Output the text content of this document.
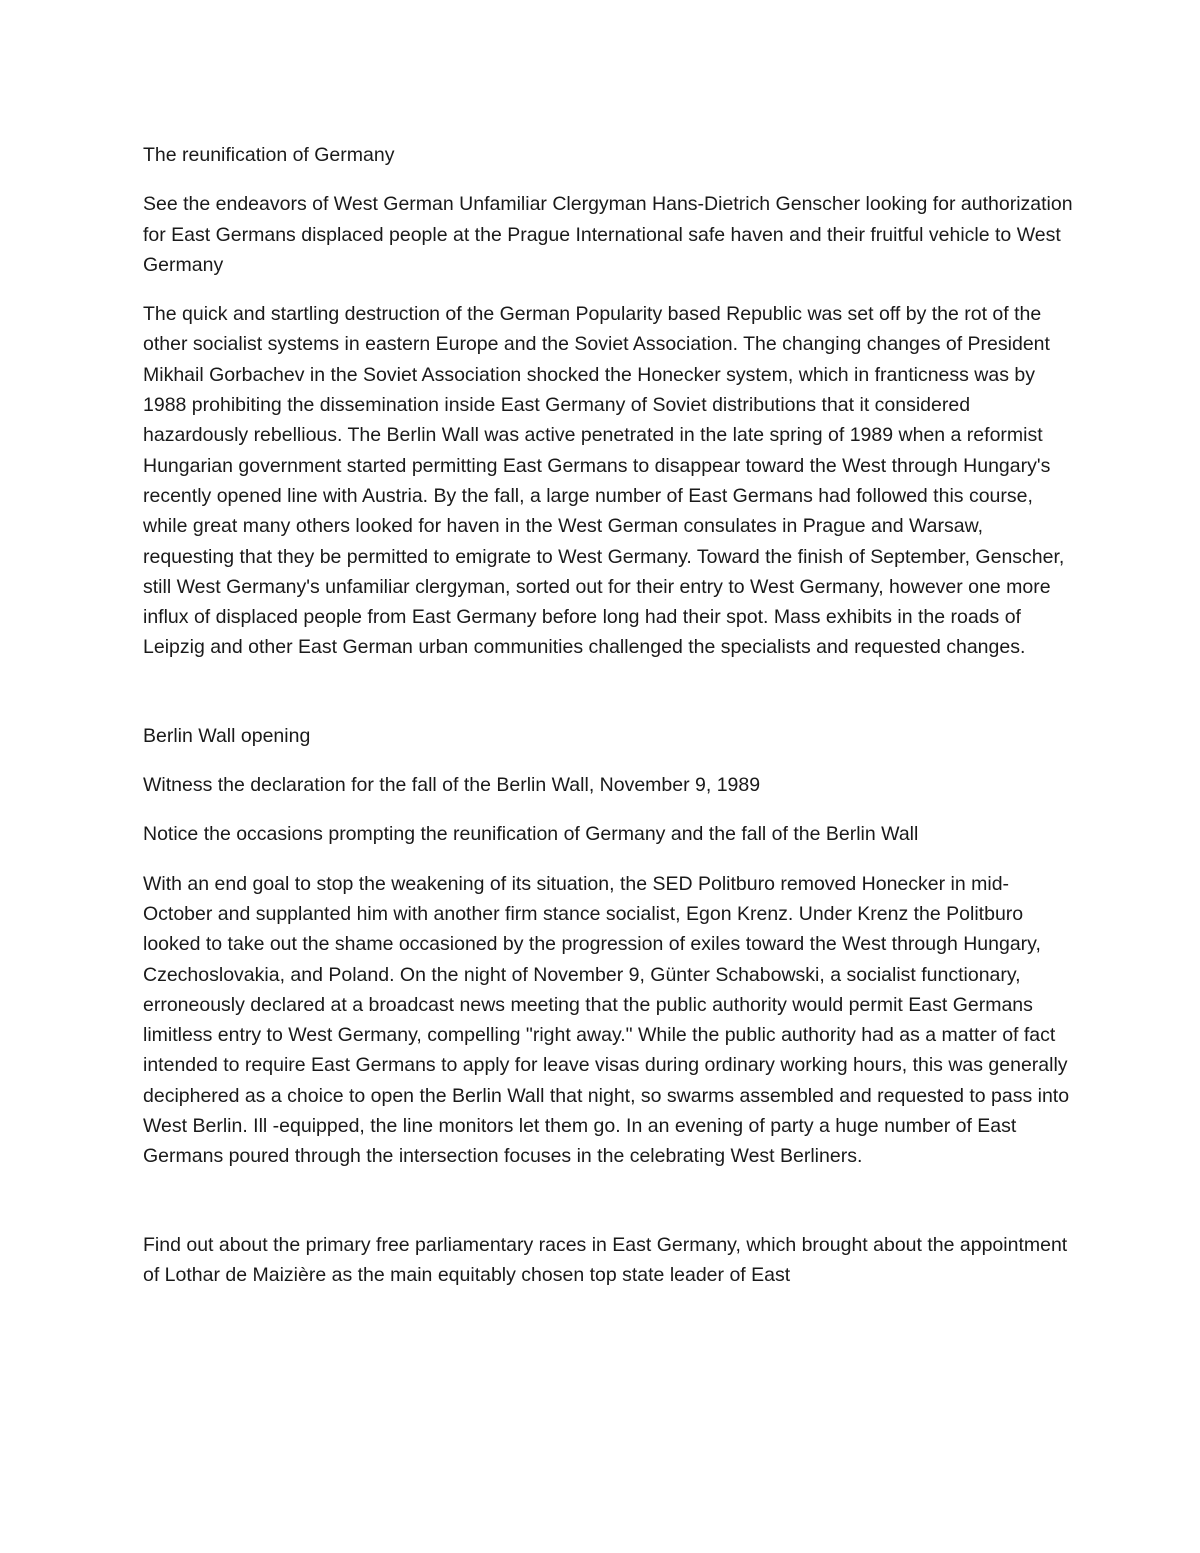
The reunification of Germany

See the endeavors of West German Unfamiliar Clergyman Hans-Dietrich Genscher looking for authorization for East Germans displaced people at the Prague International safe haven and their fruitful vehicle to West Germany

The quick and startling destruction of the German Popularity based Republic was set off by the rot of the other socialist systems in eastern Europe and the Soviet Association. The changing changes of President Mikhail Gorbachev in the Soviet Association shocked the Honecker system, which in franticness was by 1988 prohibiting the dissemination inside East Germany of Soviet distributions that it considered hazardously rebellious. The Berlin Wall was active penetrated in the late spring of 1989 when a reformist Hungarian government started permitting East Germans to disappear toward the West through Hungary's recently opened line with Austria. By the fall, a large number of East Germans had followed this course, while great many others looked for haven in the West German consulates in Prague and Warsaw, requesting that they be permitted to emigrate to West Germany. Toward the finish of September, Genscher, still West Germany's unfamiliar clergyman, sorted out for their entry to West Germany, however one more influx of displaced people from East Germany before long had their spot. Mass exhibits in the roads of Leipzig and other East German urban communities challenged the specialists and requested changes.

Berlin Wall opening

Witness the declaration for the fall of the Berlin Wall, November 9, 1989

Notice the occasions prompting the reunification of Germany and the fall of the Berlin Wall

With an end goal to stop the weakening of its situation, the SED Politburo removed Honecker in mid-October and supplanted him with another firm stance socialist, Egon Krenz. Under Krenz the Politburo looked to take out the shame occasioned by the progression of exiles toward the West through Hungary, Czechoslovakia, and Poland. On the night of November 9, Günter Schabowski, a socialist functionary, erroneously declared at a broadcast news meeting that the public authority would permit East Germans limitless entry to West Germany, compelling "right away." While the public authority had as a matter of fact intended to require East Germans to apply for leave visas during ordinary working hours, this was generally deciphered as a choice to open the Berlin Wall that night, so swarms assembled and requested to pass into West Berlin. Ill -equipped, the line monitors let them go. In an evening of party a huge number of East Germans poured through the intersection focuses in the celebrating West Berliners.

Find out about the primary free parliamentary races in East Germany, which brought about the appointment of Lothar de Maizière as the main equitably chosen top state leader of East
